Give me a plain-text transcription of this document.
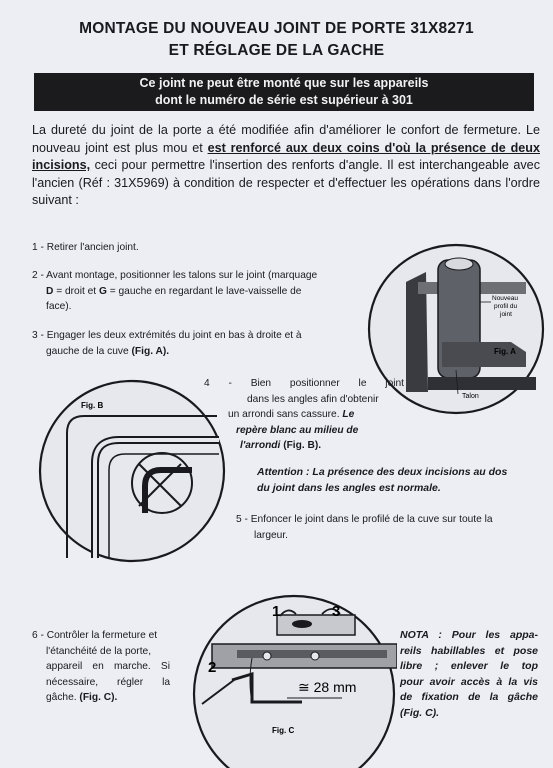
MONTAGE DU NOUVEAU JOINT DE PORTE 31X8271
ET RÉGLAGE DE LA GACHE
Ce joint ne peut être monté que sur les appareils
dont le numéro de série est supérieur à 301
La dureté du joint de la porte a été modifiée afin d'améliorer le confort de fermeture. Le nouveau joint est plus mou et est renforcé aux deux coins d'où la présence de deux incisions, ceci pour permettre l'insertion des renforts d'angle. Il est interchangeable avec l'ancien (Réf : 31X5969) à condition de respecter et d'effectuer les opérations dans l'ordre suivant :
1 - Retirer l'ancien joint.
2 - Avant montage, positionner les talons sur le joint (marquage
D = droit et G = gauche en regardant le lave-vaisselle de
face).
3 - Engager les deux extrémités du joint en bas à droite et à
gauche de la cuve (Fig. A).
Nouveau
profil du
joint
Fig. A
Talon
Fig. B
4 - Bien positionner le joint
dans les angles afin d'obtenir
un arrondi sans cassure. Le
repère blanc au milieu de
l'arrondi (Fig. B).
Attention : La présence des deux incisions au dos
du joint dans les angles est normale.
5 - Enfoncer le joint dans le profilé de la cuve sur toute la
largeur.
6 - Contrôler la fermeture et
l'étanchéité de la porte,
appareil en marche. Si
nécessaire, régler la
gâche. (Fig. C).
1	3
2
≅ 28 mm
Fig. C
NOTA : Pour les appa-
reils habillables et pose
libre ; enlever le top
pour avoir accès à la vis
de fixation de la gâche
(Fig. C).
